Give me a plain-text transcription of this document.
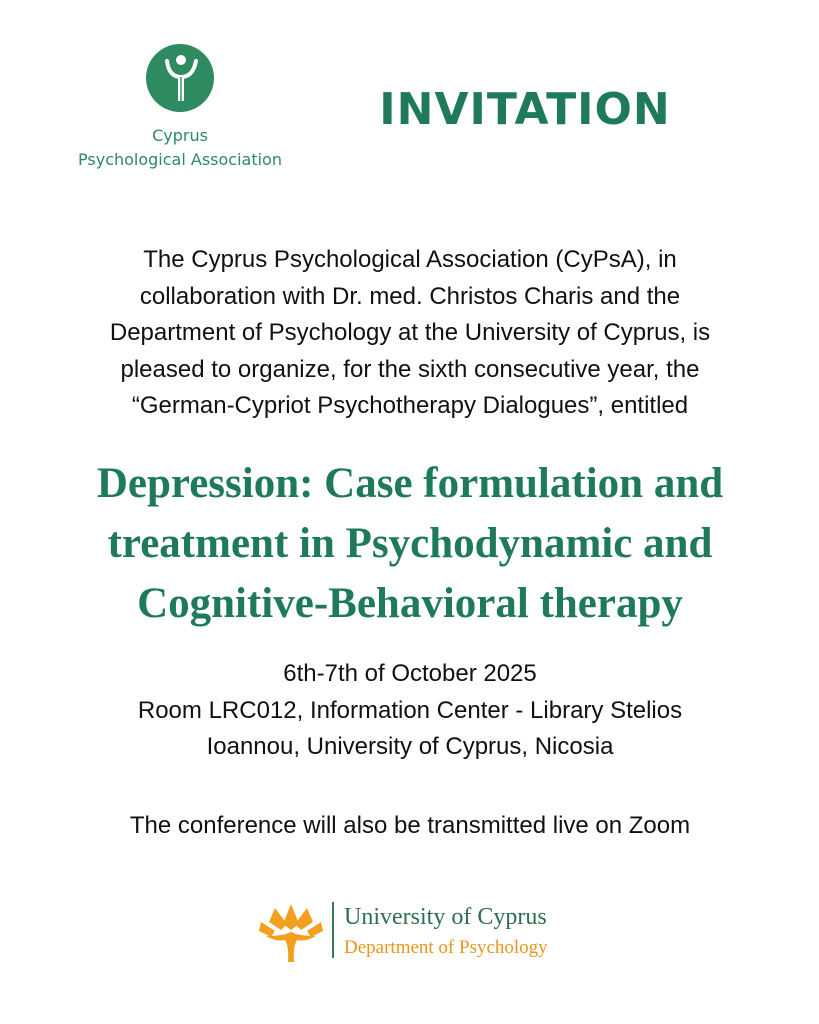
Cyprus
Psychological Association
INVITATION

The Cyprus Psychological Association (CyPsA), in

collaboration with Dr. med. Christos Charis and the

Department of Psychology at the University of Cyprus, is

pleased to organize, for the sixth consecutive year, the

“German-Cypriot Psychotherapy Dialogues”, entitled

Depression: Case formulation and

treatment in Psychodynamic and

Cognitive-Behavioral therapy

6th-7th of October 2025

Room LRC012, Information Center - Library Stelios

Ioannou, University of Cyprus, Nicosia

The conference will also be transmitted live on Zoom
University of Cyprus
Department of Psychology
